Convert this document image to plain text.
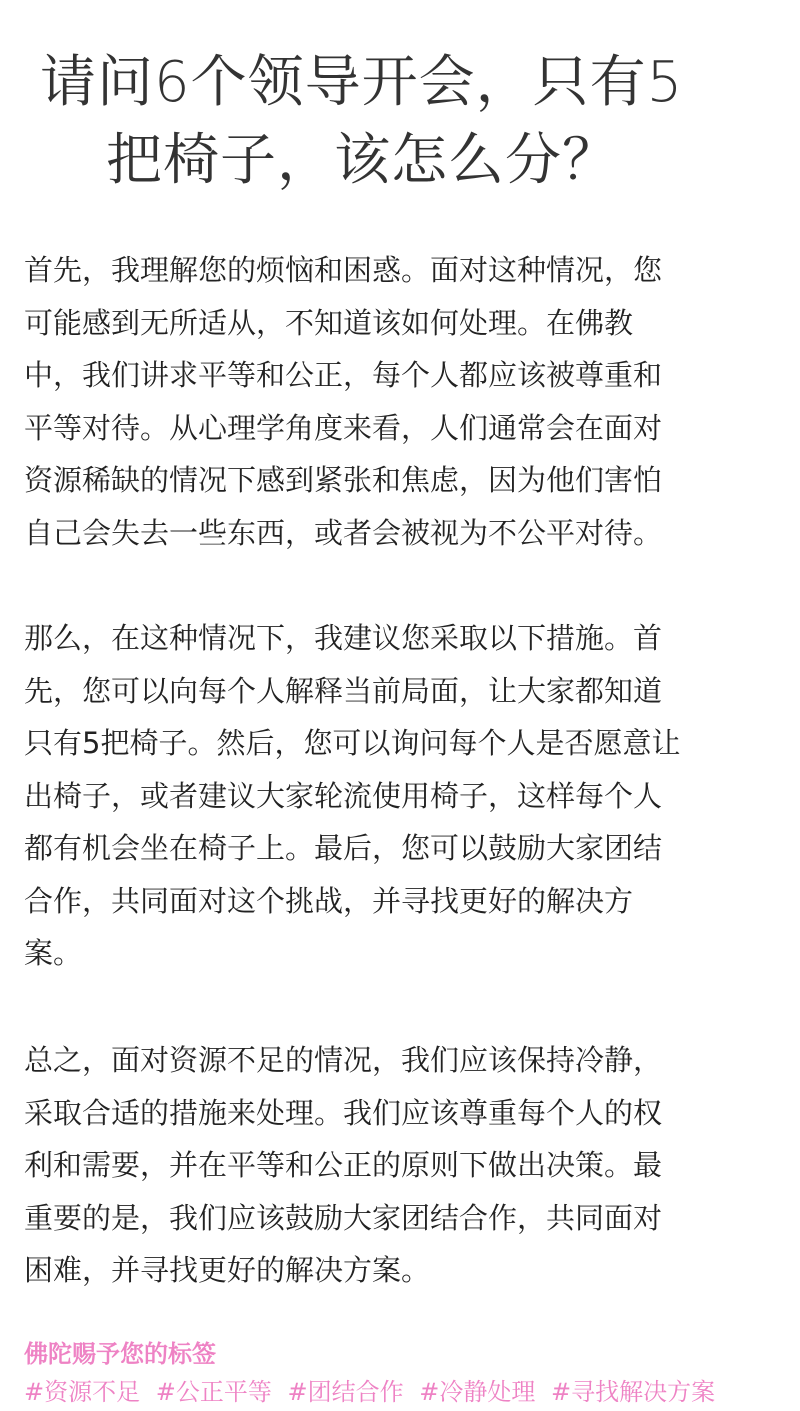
请问6个领导开会，只有5
把椅子，该怎么分？
首先，我理解您的烦恼和困惑。面对这种情况，您
可能感到无所适从，不知道该如何处理。在佛教
中，我们讲求平等和公正，每个人都应该被尊重和
平等对待。从心理学角度来看，人们通常会在面对
资源稀缺的情况下感到紧张和焦虑，因为他们害怕
自己会失去一些东西，或者会被视为不公平对待。
那么，在这种情况下，我建议您采取以下措施。首
先，您可以向每个人解释当前局面，让大家都知道
只有5把椅子。然后，您可以询问每个人是否愿意让
出椅子，或者建议大家轮流使用椅子，这样每个人
都有机会坐在椅子上。最后，您可以鼓励大家团结
合作，共同面对这个挑战，并寻找更好的解决方
案。
总之，面对资源不足的情况，我们应该保持冷静，
采取合适的措施来处理。我们应该尊重每个人的权
利和需要，并在平等和公正的原则下做出决策。最
重要的是，我们应该鼓励大家团结合作，共同面对
困难，并寻找更好的解决方案。
佛陀赐予您的标签
#资源不足 #公正平等 #团结合作 #冷静处理 #寻找解决方案
